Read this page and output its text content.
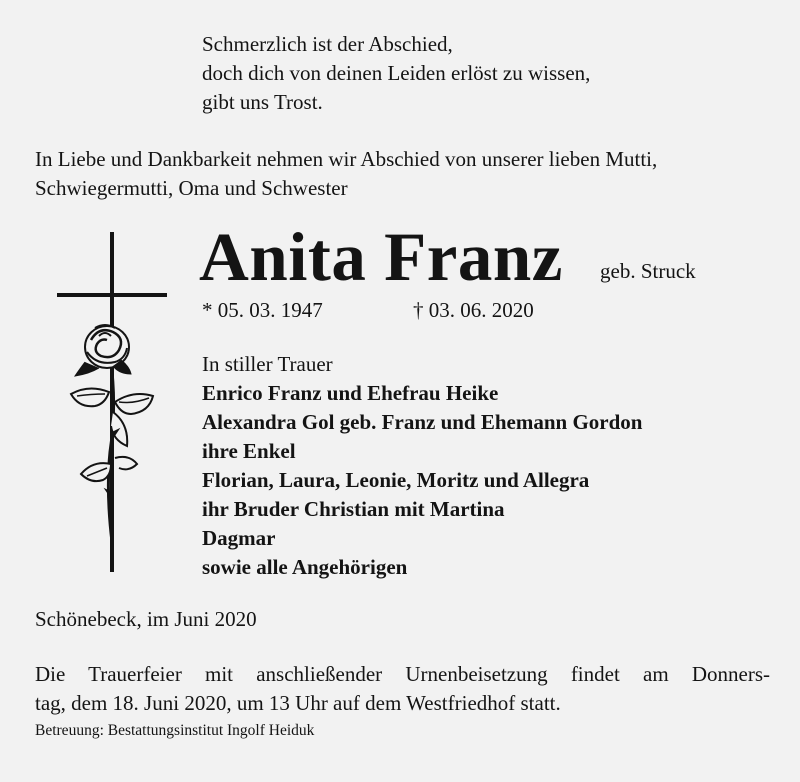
Schmerzlich ist der Abschied,
doch dich von deinen Leiden erlöst zu wissen,
gibt uns Trost.
In Liebe und Dankbarkeit nehmen wir Abschied von unserer lieben Mutti,
Schwiegermutti, Oma und Schwester
Anita Franz geb. Struck
* 05. 03. 1947	† 03. 06. 2020
In stiller Trauer
Enrico Franz und Ehefrau Heike
Alexandra Gol geb. Franz und Ehemann Gordon
ihre Enkel
Florian, Laura, Leonie, Moritz und Allegra
ihr Bruder Christian mit Martina
Dagmar
sowie alle Angehörigen
Schönebeck, im Juni 2020
Die Trauerfeier mit anschließender Urnenbeisetzung findet am Donners-
tag, dem 18. Juni 2020, um 13 Uhr auf dem Westfriedhof statt.
Betreuung: Bestattungsinstitut Ingolf Heiduk
